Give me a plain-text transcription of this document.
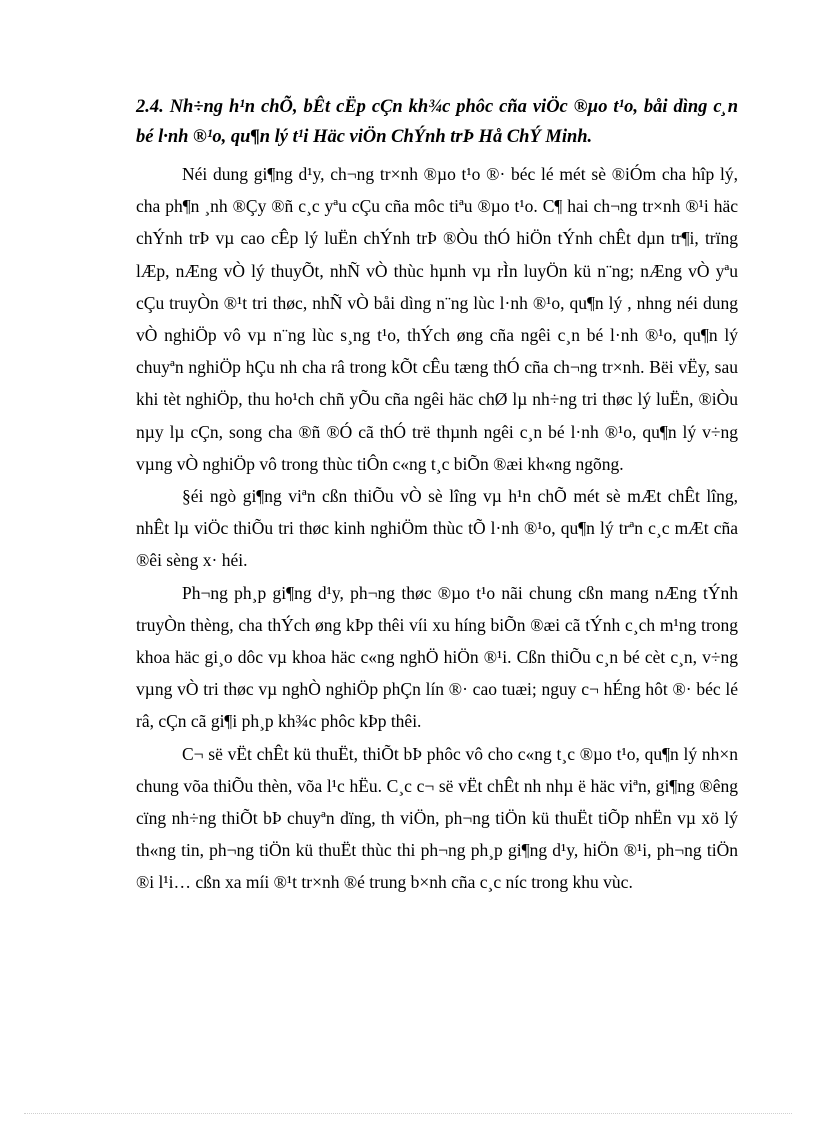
2.4. Nh÷ng h¹n chÕ, bÊt cËp cÇn kh¾c phôc cña viÖc ®µo t¹o, båi dìng c¸n bé l·nh ®¹o, qu¶n lý t¹i Häc viÖn ChÝnh trÞ Hå ChÝ Minh.

Néi dung gi¶ng d¹y, ch¬ng tr×nh ®µo t¹o ®· béc lé mét sè ®iÓm cha hîp lý, cha ph¶n ¸nh ®Çy ®ñ c¸c yªu cÇu cña môc tiªu ®µo t¹o. C¶ hai ch¬ng tr×nh ®¹i häc chÝnh trÞ vµ cao cÊp lý luËn chÝnh trÞ ®Òu thÓ hiÖn tÝnh chÊt dµn tr¶i, trïng lÆp, nÆng vÒ lý thuyÕt, nhÑ vÒ thùc hµnh vµ rÌn luyÖn kü n¨ng; nÆng vÒ yªu cÇu truyÒn ®¹t tri thøc, nhÑ vÒ båi dìng n¨ng lùc l·nh ®¹o, qu¶n lý , nhng néi dung vÒ nghiÖp vô vµ n¨ng lùc s¸ng t¹o, thÝch øng cña ngêi c¸n bé l·nh ®¹o, qu¶n lý chuyªn nghiÖp hÇu nh cha râ trong kÕt cÊu tæng thÓ cña ch¬ng tr×nh. Bëi vËy, sau khi tèt nghiÖp, thu ho¹ch chñ yÕu cña ngêi häc chØ lµ nh÷ng tri thøc lý luËn, ®iÒu nµy lµ cÇn, song cha ®ñ ®Ó cã thÓ trë thµnh ngêi c¸n bé l·nh ®¹o, qu¶n lý v÷ng vµng vÒ nghiÖp vô trong thùc tiÔn c«ng t¸c biÕn ®æi kh«ng ngõng.

§éi ngò gi¶ng viªn cßn thiÕu vÒ sè lîng vµ h¹n chÕ mét sè mÆt chÊt lîng, nhÊt lµ viÖc thiÕu tri thøc kinh nghiÖm thùc tÕ l·nh ®¹o, qu¶n lý trªn c¸c mÆt cña ®êi sèng x· héi.

Ph¬ng ph¸p gi¶ng d¹y, ph¬ng thøc ®µo t¹o nãi chung cßn mang nÆng tÝnh truyÒn thèng, cha thÝch øng kÞp thêi víi xu híng biÕn ®æi cã tÝnh c¸ch m¹ng trong khoa häc gi¸o dôc vµ khoa häc c«ng nghÖ hiÖn ®¹i. Cßn thiÕu c¸n bé cèt c¸n, v÷ng vµng vÒ tri thøc vµ nghÒ nghiÖp phÇn lín ®· cao tuæi; nguy c¬ hÉng hôt ®· béc lé râ, cÇn cã gi¶i ph¸p kh¾c phôc kÞp thêi.

C¬ së vËt chÊt kü thuËt, thiÕt bÞ phôc vô cho c«ng t¸c ®µo t¹o, qu¶n lý nh×n chung võa thiÕu thèn, võa l¹c hËu. C¸c c¬ së vËt chÊt nh nhµ ë häc viªn, gi¶ng ®êng cïng nh÷ng thiÕt bÞ chuyªn dïng, th viÖn, ph¬ng tiÖn kü thuËt tiÕp nhËn vµ xö lý th«ng tin, ph¬ng tiÖn kü thuËt thùc thi ph¬ng ph¸p gi¶ng d¹y, hiÖn ®¹i, ph¬ng tiÖn ®i l¹i… cßn xa míi ®¹t tr×nh ®é trung b×nh cña c¸c níc trong khu vùc.
